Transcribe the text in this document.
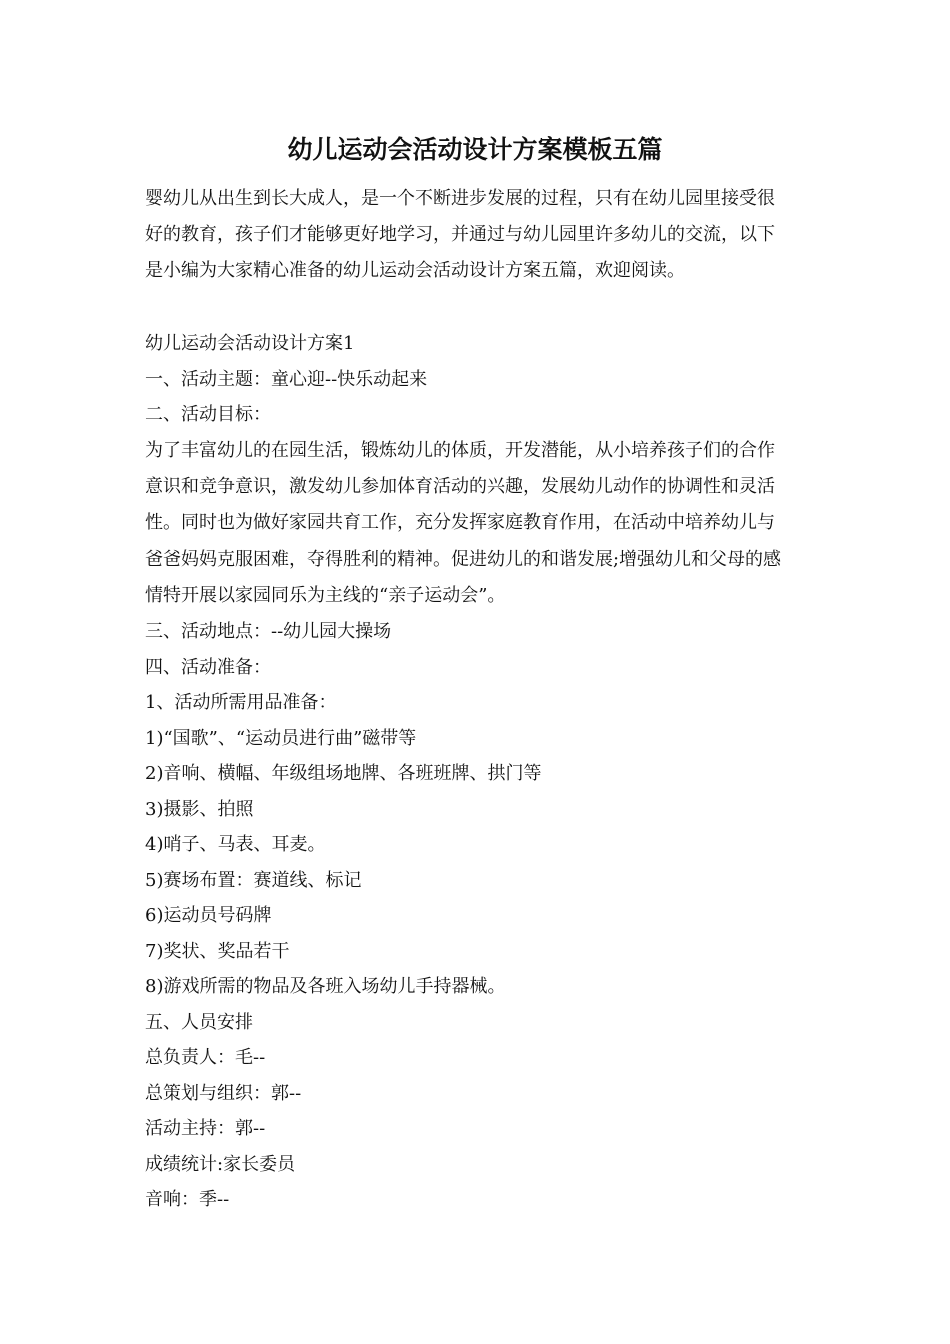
幼儿运动会活动设计方案模板五篇
婴幼儿从出生到长大成人，是一个不断进步发展的过程，只有在幼儿园里接受很
好的教育，孩子们才能够更好地学习，并通过与幼儿园里许多幼儿的交流，以下
是小编为大家精心准备的幼儿运动会活动设计方案五篇，欢迎阅读。
幼儿运动会活动设计方案1
一、活动主题：童心迎--快乐动起来
二、活动目标：
为了丰富幼儿的在园生活，锻炼幼儿的体质，开发潜能，从小培养孩子们的合作
意识和竞争意识，激发幼儿参加体育活动的兴趣，发展幼儿动作的协调性和灵活
性。同时也为做好家园共育工作，充分发挥家庭教育作用，在活动中培养幼儿与
爸爸妈妈克服困难，夺得胜利的精神。促进幼儿的和谐发展;增强幼儿和父母的感
情特开展以家园同乐为主线的“亲子运动会”。
三、活动地点：--幼儿园大操场
四、活动准备：
1、活动所需用品准备：
1)“国歌”、“运动员进行曲”磁带等
2)音响、横幅、年级组场地牌、各班班牌、拱门等
3)摄影、拍照
4)哨子、马表、耳麦。
5)赛场布置：赛道线、标记
6)运动员号码牌
7)奖状、奖品若干
8)游戏所需的物品及各班入场幼儿手持器械。
五、人员安排
总负责人：毛--
总策划与组织：郭--
活动主持：郭--
成绩统计:家长委员
音响：季--
